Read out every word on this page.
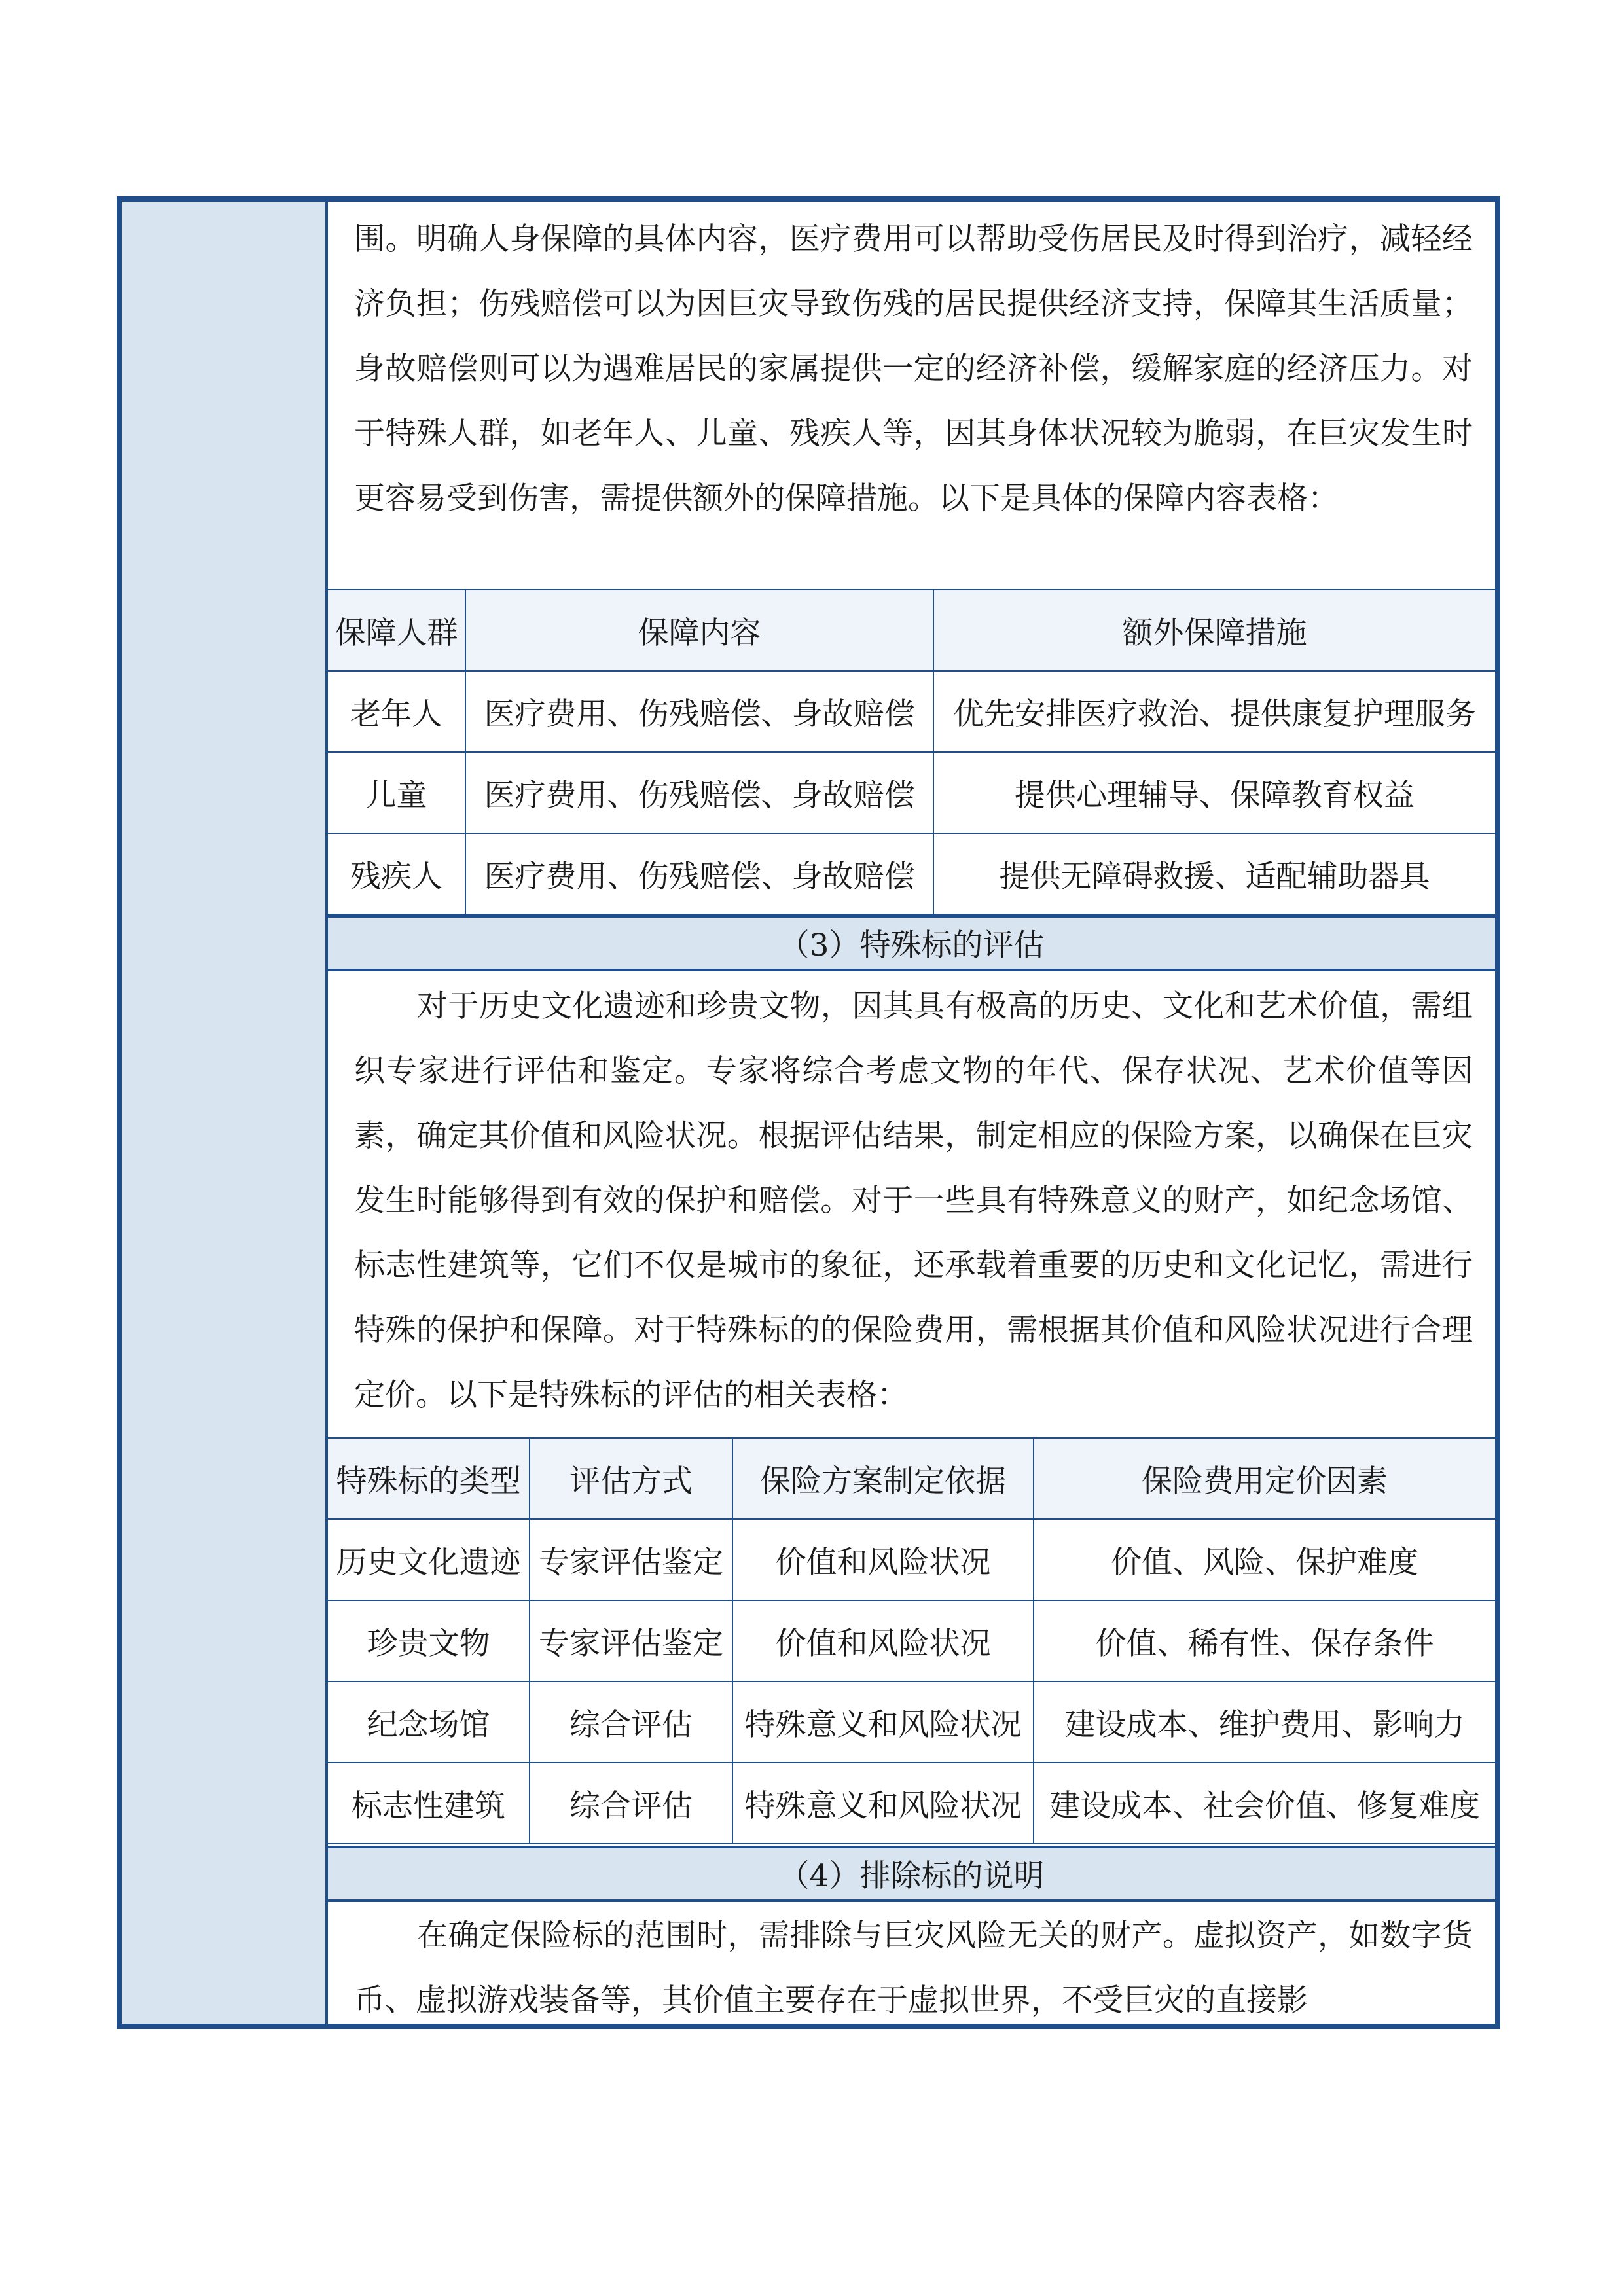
围。明确人身保障的具体内容，医疗费用可以帮助受伤居民及时得到治疗，减轻经济负担；伤残赔偿可以为因巨灾导致伤残的居民提供经济支持，保障其生活质量；身故赔偿则可以为遇难居民的家属提供一定的经济补偿，缓解家庭的经济压力。对于特殊人群，如老年人、儿童、残疾人等，因其身体状况较为脆弱，在巨灾发生时更容易受到伤害，需提供额外的保障措施。以下是具体的保障内容表格：

保障人群	保障内容	额外保障措施
老年人	医疗费用、伤残赔偿、身故赔偿	优先安排医疗救治、提供康复护理服务
儿童	医疗费用、伤残赔偿、身故赔偿	提供心理辅导、保障教育权益
残疾人	医疗费用、伤残赔偿、身故赔偿	提供无障碍救援、适配辅助器具
（3）特殊标的评估

对于历史文化遗迹和珍贵文物，因其具有极高的历史、文化和艺术价值，需组织专家进行评估和鉴定。专家将综合考虑文物的年代、保存状况、艺术价值等因素，确定其价值和风险状况。根据评估结果，制定相应的保险方案，以确保在巨灾发生时能够得到有效的保护和赔偿。对于一些具有特殊意义的财产，如纪念场馆、标志性建筑等，它们不仅是城市的象征，还承载着重要的历史和文化记忆，需进行特殊的保护和保障。对于特殊标的的保险费用，需根据其价值和风险状况进行合理定价。以下是特殊标的评估的相关表格：

特殊标的类型	评估方式	保险方案制定依据	保险费用定价因素
历史文化遗迹	专家评估鉴定	价值和风险状况	价值、风险、保护难度
珍贵文物	专家评估鉴定	价值和风险状况	价值、稀有性、保存条件
纪念场馆	综合评估	特殊意义和风险状况	建设成本、维护费用、影响力
标志性建筑	综合评估	特殊意义和风险状况	建设成本、社会价值、修复难度
（4）排除标的说明

在确定保险标的范围时，需排除与巨灾风险无关的财产。虚拟资产，如数字货币、虚拟游戏装备等，其价值主要存在于虚拟世界，不受巨灾的直接影
